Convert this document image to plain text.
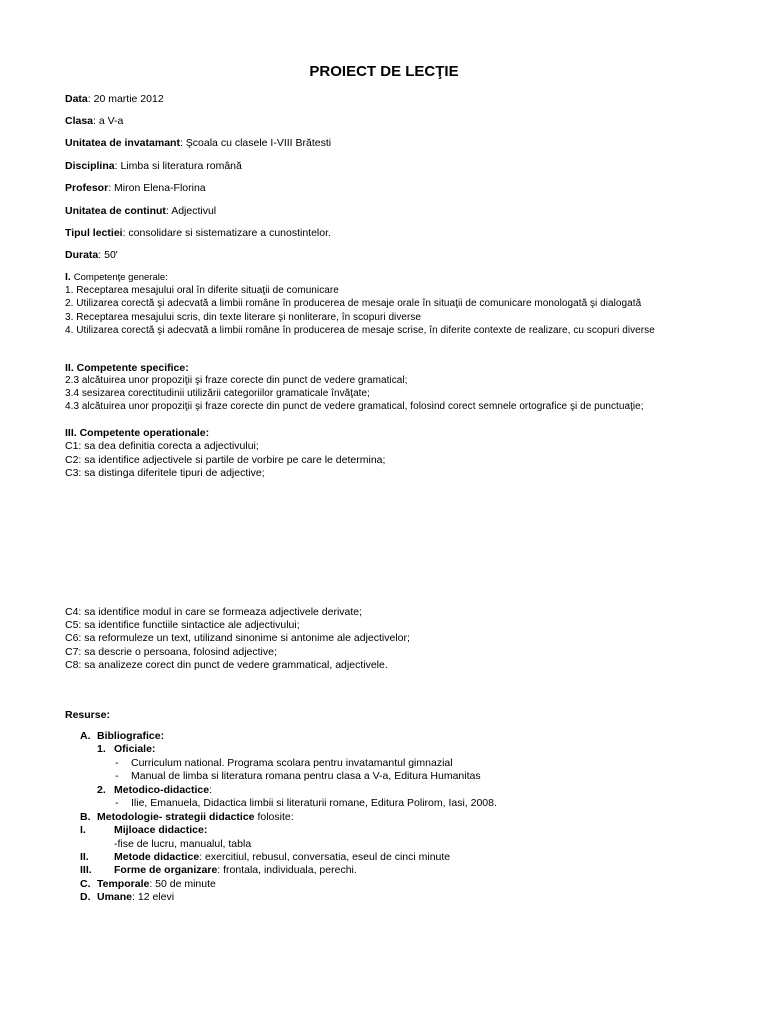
PROIECT DE LECŢIE
Data: 20 martie 2012
Clasa: a V-a
Unitatea de invatamant: Şcoala cu clasele I-VIII Brătesti
Disciplina: Limba si literatura română
Profesor: Miron Elena-Florina
Unitatea de continut: Adjectivul
Tipul lectiei: consolidare si sistematizare a cunostintelor.
Durata: 50'
I. Competenţe generale:
1. Receptarea mesajului oral în diferite situaţii de comunicare
2. Utilizarea corectă şi adecvată a limbii române în producerea de mesaje orale în situaţii de comunicare monologată şi dialogată
3. Receptarea mesajului scris, din texte literare şi nonliterare, în scopuri diverse
4. Utilizarea corectă şi adecvată a limbii române în producerea de mesaje scrise, în diferite contexte de realizare, cu scopuri diverse
II. Competente specifice:
2.3 alcătuirea unor propoziţii şi fraze corecte din punct de vedere gramatical;
3.4 sesizarea corectitudinii utilizării categoriilor gramaticale învăţate;
4.3 alcătuirea unor propoziţii şi fraze corecte din punct de vedere gramatical, folosind corect semnele ortografice şi de punctuaţie;
III. Competente operationale:
C1: sa dea definitia corecta a adjectivului;
C2: sa identifice adjectivele si partile de vorbire pe care le determina;
C3: sa distinga diferitele tipuri de adjective;
C4: sa identifice modul in care se formeaza adjectivele derivate;
C5: sa identifice functiile sintactice ale adjectivului;
C6: sa reformuleze un text, utilizand sinonime si antonime ale adjectivelor;
C7: sa descrie o persoana, folosind adjective;
C8: sa analizeze corect din punct de vedere grammatical, adjectivele.
Resurse:
A. Bibliografice:
1. Oficiale:
- Curriculum national. Programa scolara pentru invatamantul gimnazial
- Manual de limba si literatura romana pentru clasa a V-a, Editura Humanitas
2. Metodico-didactice:
- Ilie, Emanuela, Didactica limbii si literaturii romane, Editura Polirom, Iasi, 2008.
B. Metodologie- strategii didactice folosite:
I.	Mijloace didactice:
-fise de lucru, manualul, tabla
II. Metode didactice: exercitiul, rebusul, conversatia, eseul de cinci minute
III. Forme de organizare: frontala, individuala, perechi.
C. Temporale: 50 de minute
D. Umane: 12 elevi
